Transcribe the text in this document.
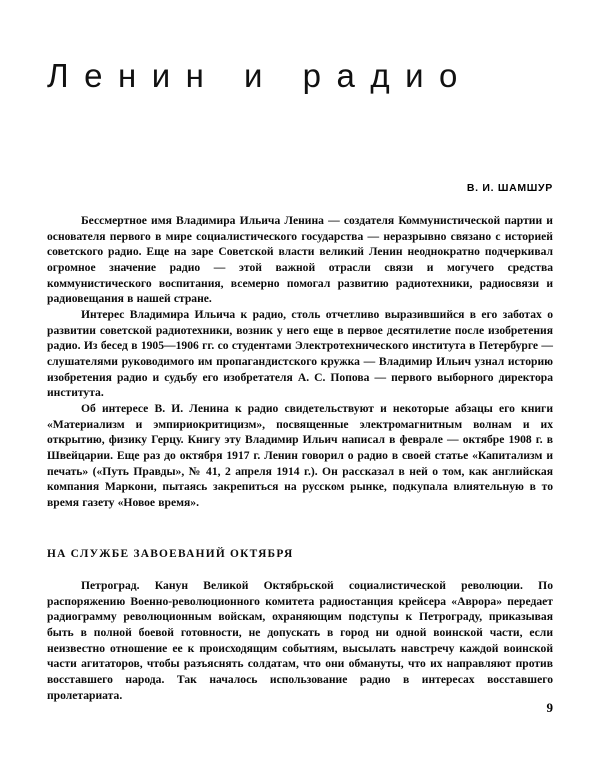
Ленин и радио
В. И. ШАМШУР

Бессмертное имя Владимира Ильича Ленина — создателя Коммунистической партии и основателя первого в мире социалистического государства — неразрывно связано с историей советского радио. Еще на заре Советской власти великий Ленин неоднократно подчеркивал огромное значение радио — этой важной отрасли связи и могучего средства коммунистического воспитания, всемерно помогал развитию радиотехники, радиосвязи и радиовещания в нашей стране.

Интерес Владимира Ильича к радио, столь отчетливо выразившийся в его заботах о развитии советской радиотехники, возник у него еще в первое десятилетие после изобретения радио. Из бесед в 1905—1906 гг. со студентами Электротехнического института в Петербурге — слушателями руководимого им пропагандистского кружка — Владимир Ильич узнал историю изобретения радио и судьбу его изобретателя А. С. Попова — первого выборного директора института.

Об интересе В. И. Ленина к радио свидетельствуют и некоторые абзацы его книги «Материализм и эмпириокритицизм», посвященные электромагнитным волнам и их открытию, физику Герцу. Книгу эту Владимир Ильич написал в феврале — октябре 1908 г. в Швейцарии. Еще раз до октября 1917 г. Ленин говорил о радио в своей статье «Капитализм и печать» («Путь Правды», № 41, 2 апреля 1914 г.). Он рассказал в ней о том, как английская компания Маркони, пытаясь закрепиться на русском рынке, подкупала влиятельную в то время газету «Новое время».

НА СЛУЖБЕ ЗАВОЕВАНИЙ ОКТЯБРЯ

Петроград. Канун Великой Октябрьской социалистической революции. По распоряжению Военно-революционного комитета радиостанция крейсера «Аврора» передает радиограмму революционным войскам, охраняющим подступы к Петрограду, приказывая быть в полной боевой готовности, не допускать в город ни одной воинской части, если неизвестно отношение ее к происходящим событиям, высылать навстречу каждой воинской части агитаторов, чтобы разъяснять солдатам, что они обмануты, что их направляют против восставшего народа. Так началось использование радио в интересах восставшего пролетариата.

9
